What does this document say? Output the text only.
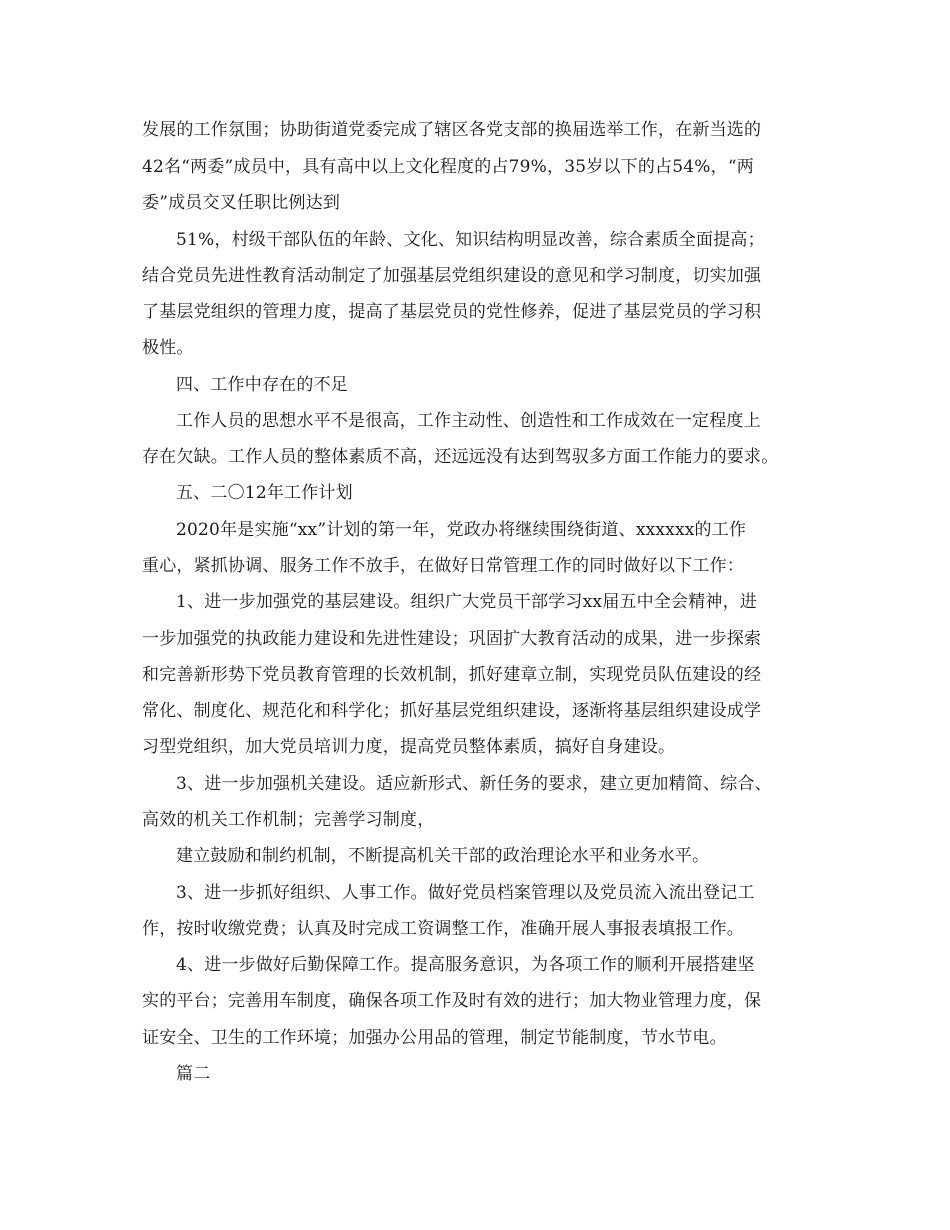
发展的工作氛围；协助街道党委完成了辖区各党支部的换届选举工作，在新当选的
42名“两委”成员中，具有高中以上文化程度的占79%，35岁以下的占54%，“两
委”成员交叉任职比例达到
51%，村级干部队伍的年龄、文化、知识结构明显改善，综合素质全面提高；
结合党员先进性教育活动制定了加强基层党组织建设的意见和学习制度，切实加强
了基层党组织的管理力度，提高了基层党员的党性修养，促进了基层党员的学习积
极性。
四、工作中存在的不足
工作人员的思想水平不是很高，工作主动性、创造性和工作成效在一定程度上
存在欠缺。工作人员的整体素质不高，还远远没有达到驾驭多方面工作能力的要求。
五、二〇12年工作计划
2020年是实施“xx”计划的第一年，党政办将继续围绕街道、xxxxxx的工作
重心，紧抓协调、服务工作不放手，在做好日常管理工作的同时做好以下工作：
1、进一步加强党的基层建设。组织广大党员干部学习xx届五中全会精神，进
一步加强党的执政能力建设和先进性建设；巩固扩大教育活动的成果，进一步探索
和完善新形势下党员教育管理的长效机制，抓好建章立制，实现党员队伍建设的经
常化、制度化、规范化和科学化；抓好基层党组织建设，逐渐将基层组织建设成学
习型党组织，加大党员培训力度，提高党员整体素质，搞好自身建设。
3、进一步加强机关建设。适应新形式、新任务的要求，建立更加精简、综合、
高效的机关工作机制；完善学习制度，
建立鼓励和制约机制，不断提高机关干部的政治理论水平和业务水平。
3、进一步抓好组织、人事工作。做好党员档案管理以及党员流入流出登记工
作，按时收缴党费；认真及时完成工资调整工作，准确开展人事报表填报工作。
4、进一步做好后勤保障工作。提高服务意识，为各项工作的顺利开展搭建坚
实的平台；完善用车制度，确保各项工作及时有效的进行；加大物业管理力度，保
证安全、卫生的工作环境；加强办公用品的管理，制定节能制度，节水节电。
篇二
